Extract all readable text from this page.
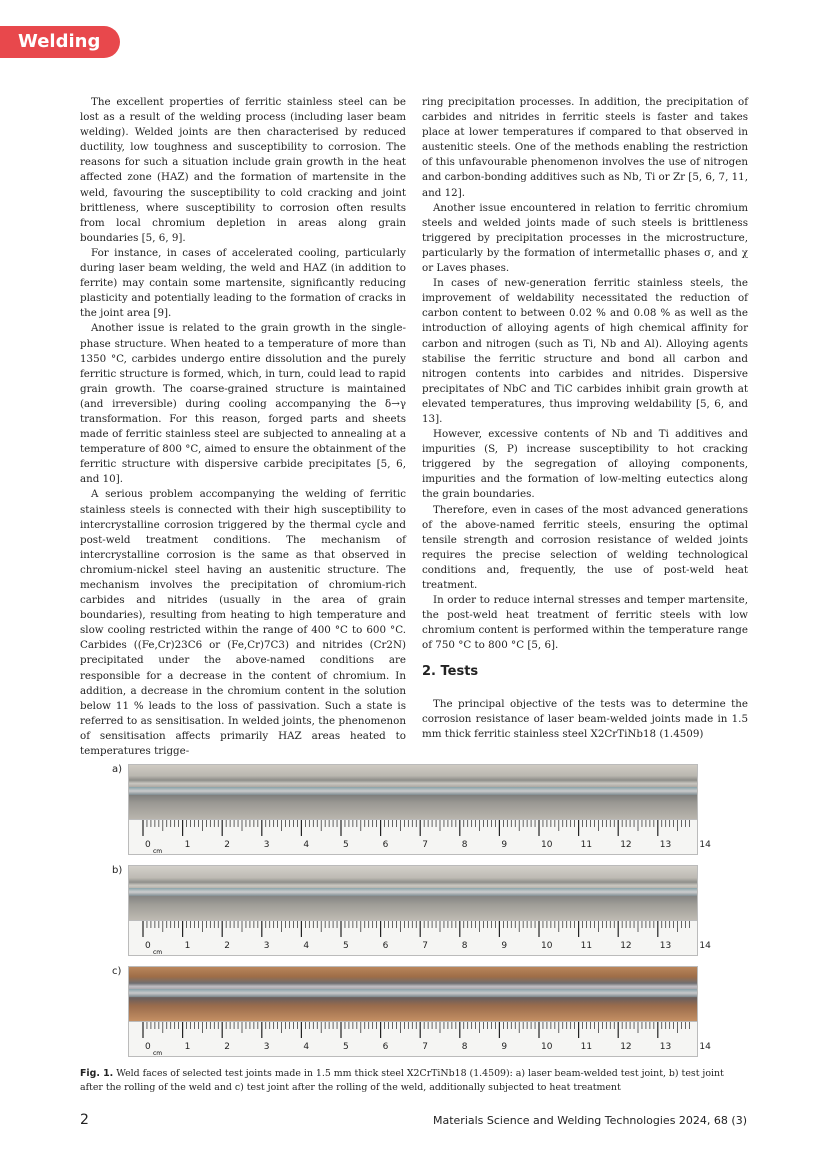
Welding

The excellent properties of ferritic stainless steel can be lost as a result of the welding process (including laser beam welding). Welded joints are then characterised by reduced ductility, low toughness and susceptibility to corrosion. The reasons for such a situation include grain growth in the heat affected zone (HAZ) and the formation of martensite in the weld, favouring the susceptibility to cold cracking and joint brittleness, where susceptibility to corrosion often results from local chromium depletion in areas along grain boundaries [5, 6, 9].

For instance, in cases of accelerated cooling, particularly during laser beam welding, the weld and HAZ (in addition to ferrite) may contain some martensite, significantly reducing plasticity and potentially leading to the formation of cracks in the joint area [9].

Another issue is related to the grain growth in the single-phase structure. When heated to a temperature of more than 1350 °C, carbides undergo entire dissolution and the purely ferritic structure is formed, which, in turn, could lead to rapid grain growth. The coarse-grained structure is maintained (and irreversible) during cooling accompanying the δ→γ transformation. For this reason, forged parts and sheets made of ferritic stainless steel are subjected to annealing at a temperature of 800 °C, aimed to ensure the obtainment of the ferritic structure with dispersive carbide precipitates [5, 6, and 10].

A serious problem accompanying the welding of ferritic stainless steels is connected with their high susceptibility to intercrystalline corrosion triggered by the thermal cycle and post-weld treatment conditions. The mechanism of intercrystalline corrosion is the same as that observed in chromium-nickel steel having an austenitic structure. The mechanism involves the precipitation of chromium-rich carbides and nitrides (usually in the area of grain boundaries), resulting from heating to high temperature and slow cooling restricted within the range of 400 °C to 600 °C. Carbides ((Fe,Cr)23C6 or (Fe,Cr)7C3) and nitrides (Cr2N) precipitated under the above-named conditions are responsible for a decrease in the content of chromium. In addition, a decrease in the chromium content in the solution below 11 % leads to the loss of passivation. Such a state is referred to as sensitisation. In welded joints, the phenomenon of sensitisation affects primarily HAZ areas heated to temperatures trigge-

ring precipitation processes. In addition, the precipitation of carbides and nitrides in ferritic steels is faster and takes place at lower temperatures if compared to that observed in austenitic steels. One of the methods enabling the restriction of this unfavourable phenomenon involves the use of nitrogen and carbon-bonding additives such as Nb, Ti or Zr [5, 6, 7, 11, and 12].

Another issue encountered in relation to ferritic chromium steels and welded joints made of such steels is brittleness triggered by precipitation processes in the microstructure, particularly by the formation of intermetallic phases σ, and χ or Laves phases.

In cases of new-generation ferritic stainless steels, the improvement of weldability necessitated the reduction of carbon content to between 0.02 % and 0.08 % as well as the introduction of alloying agents of high chemical affinity for carbon and nitrogen (such as Ti, Nb and Al). Alloying agents stabilise the ferritic structure and bond all carbon and nitrogen contents into carbides and nitrides. Dispersive precipitates of NbC and TiC carbides inhibit grain growth at elevated temperatures, thus improving weldability [5, 6, and 13].

However, excessive contents of Nb and Ti additives and impurities (S, P) increase susceptibility to hot cracking triggered by the segregation of alloying components, impurities and the formation of low-melting eutectics along the grain boundaries.

Therefore, even in cases of the most advanced generations of the above-named ferritic steels, ensuring the optimal tensile strength and corrosion resistance of welded joints requires the precise selection of welding technological conditions and, frequently, the use of post-weld heat treatment.

In order to reduce internal stresses and temper martensite, the post-weld heat treatment of ferritic steels with low chromium content is performed within the temperature range of 750 °C to 800 °C [5, 6].

2. Tests

The principal objective of the tests was to determine the corrosion resistance of laser beam-welded joints made in 1.5 mm thick ferritic stainless steel X2CrTiNb18 (1.4509)

a)
0	1	2	3	4	5	6	7	8	9	10	11	12	13	14
cm
b)
0	1	2	3	4	5	6	7	8	9	10	11	12	13	14
cm
c)
0	1	2	3	4	5	6	7	8	9	10	11	12	13	14
cm
Fig. 1. Weld faces of selected test joints made in 1.5 mm thick steel X2CrTiNb18 (1.4509): a) laser beam-welded test joint, b) test joint after the rolling of the weld and c) test joint after the rolling of the weld, additionally subjected to heat treatment
2	Materials Science and Welding Technologies 2024, 68 (3)
